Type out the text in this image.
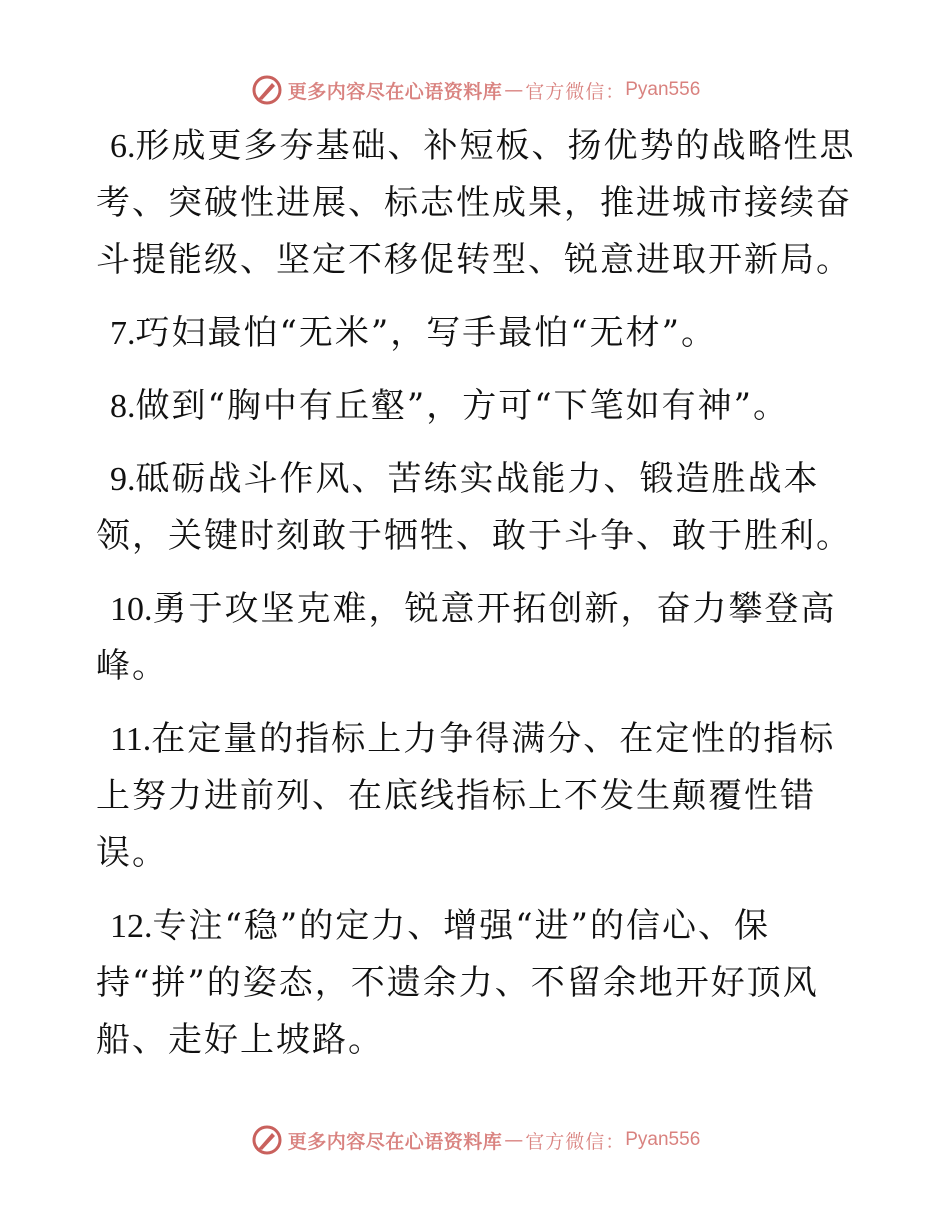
更多内容尽在心语资料库 — 官方微信： Pyan556

6.形成更多夯基础、补短板、扬优势的战略性思考、突破性进展、标志性成果，推进城市接续奋斗提能级、坚定不移促转型、锐意进取开新局。

7.巧妇最怕“无米”，写手最怕“无材”。

8.做到“胸中有丘壑”，方可“下笔如有神”。

9.砥砺战斗作风、苦练实战能力、锻造胜战本领，关键时刻敢于牺牲、敢于斗争、敢于胜利。

10.勇于攻坚克难，锐意开拓创新，奋力攀登高峰。

11.在定量的指标上力争得满分、在定性的指标上努力进前列、在底线指标上不发生颠覆性错误。

12.专注“稳”的定力、增强“进”的信心、保持“拼”的姿态，不遗余力、不留余地开好顶风船、走好上坡路。

更多内容尽在心语资料库 — 官方微信： Pyan556
